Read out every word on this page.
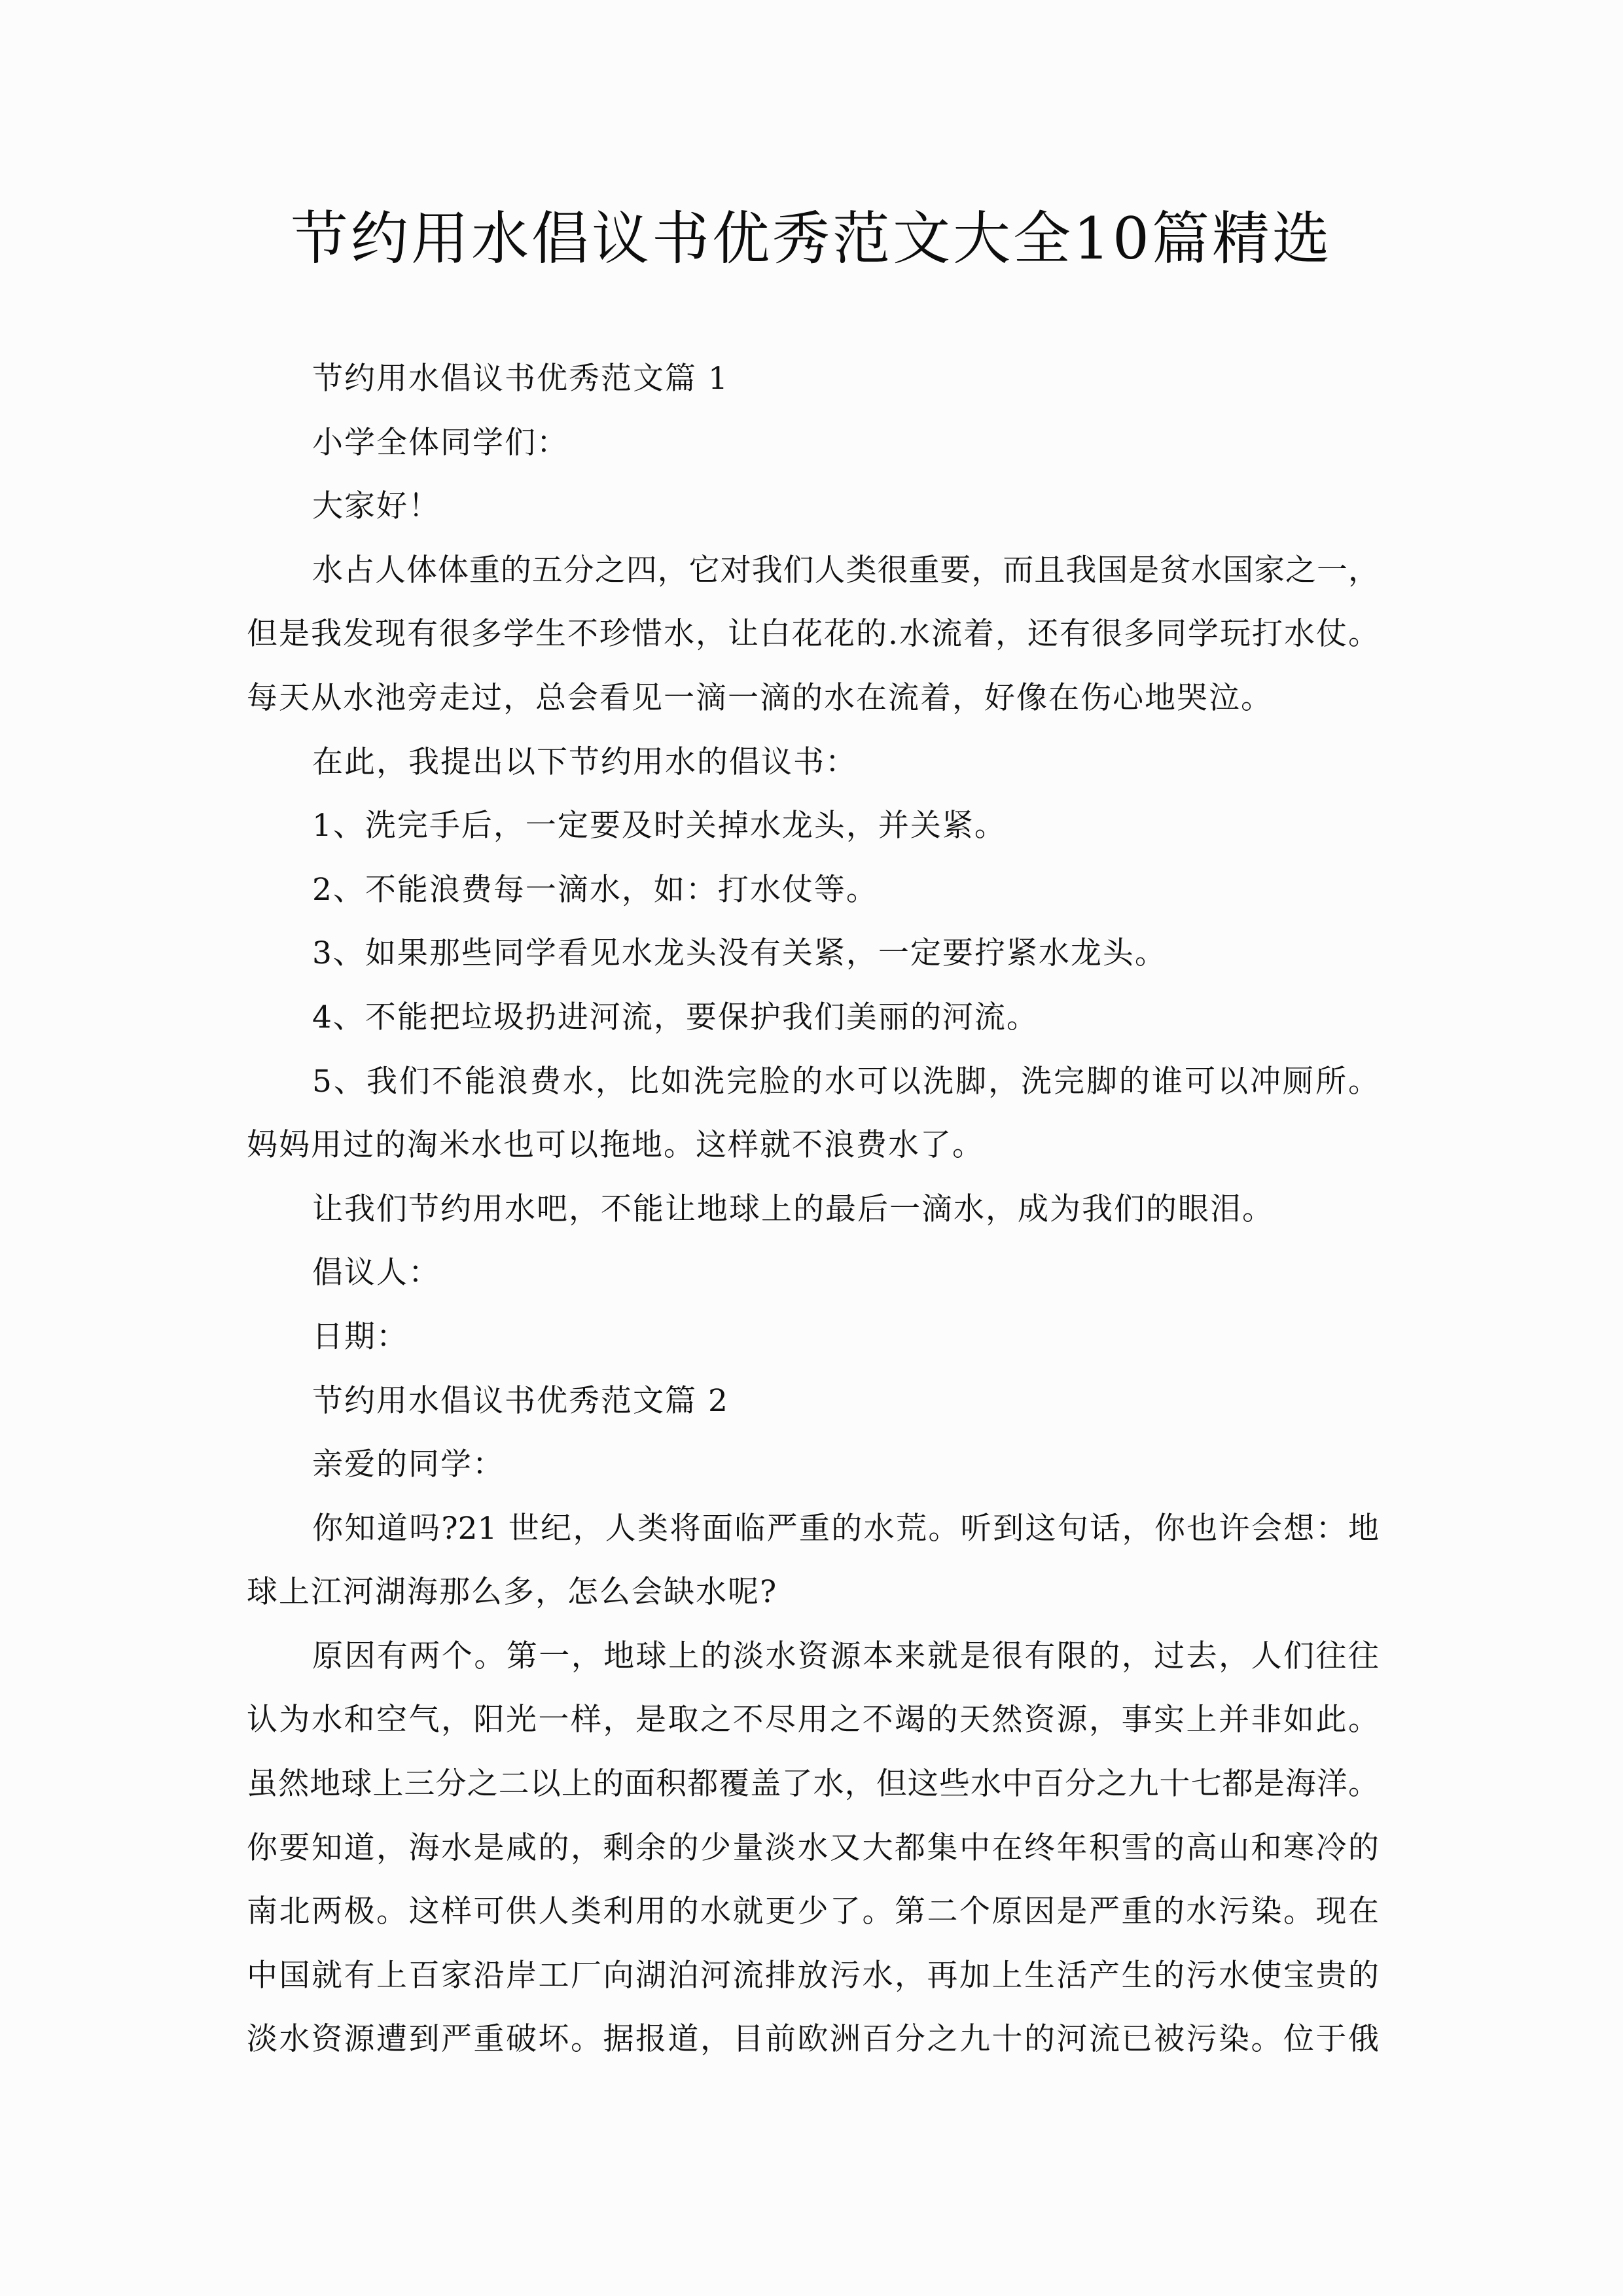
节约用水倡议书优秀范文大全10篇精选
节约用水倡议书优秀范文篇 1
小学全体同学们：
大家好！
水占人体体重的五分之四，它对我们人类很重要，而且我国是贫水国家之一，
但是我发现有很多学生不珍惜水，让白花花的.水流着，还有很多同学玩打水仗。
每天从水池旁走过，总会看见一滴一滴的水在流着，好像在伤心地哭泣。
在此，我提出以下节约用水的倡议书：
1、洗完手后，一定要及时关掉水龙头，并关紧。
2、不能浪费每一滴水，如：打水仗等。
3、如果那些同学看见水龙头没有关紧，一定要拧紧水龙头。
4、不能把垃圾扔进河流，要保护我们美丽的河流。
5、我们不能浪费水，比如洗完脸的水可以洗脚，洗完脚的谁可以冲厕所。
妈妈用过的淘米水也可以拖地。这样就不浪费水了。
让我们节约用水吧，不能让地球上的最后一滴水，成为我们的眼泪。
倡议人：
日期：
节约用水倡议书优秀范文篇 2
亲爱的同学：
你知道吗?21 世纪，人类将面临严重的水荒。听到这句话，你也许会想：地
球上江河湖海那么多，怎么会缺水呢?
原因有两个。第一，地球上的淡水资源本来就是很有限的，过去，人们往往
认为水和空气，阳光一样，是取之不尽用之不竭的天然资源，事实上并非如此。
虽然地球上三分之二以上的面积都覆盖了水，但这些水中百分之九十七都是海洋。
你要知道，海水是咸的，剩余的少量淡水又大都集中在终年积雪的高山和寒冷的
南北两极。这样可供人类利用的水就更少了。第二个原因是严重的水污染。现在
中国就有上百家沿岸工厂向湖泊河流排放污水，再加上生活产生的污水使宝贵的
淡水资源遭到严重破坏。据报道，目前欧洲百分之九十的河流已被污染。位于俄
